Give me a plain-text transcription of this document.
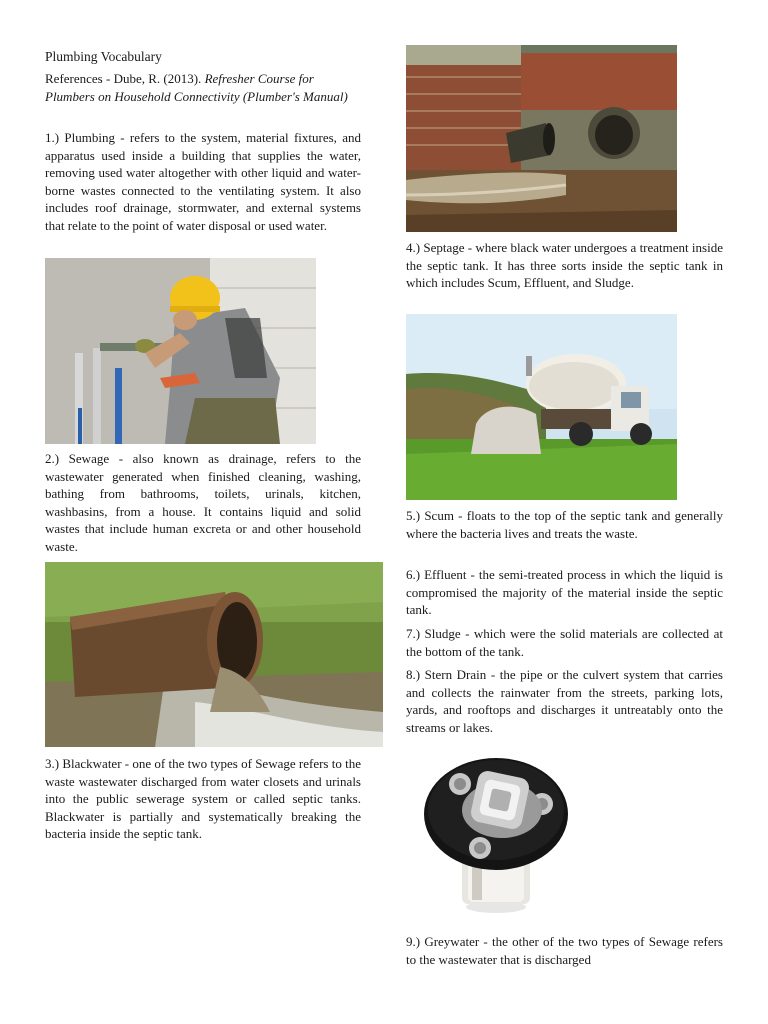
Plumbing Vocabulary

References - Dube, R. (2013). Refresher Course for Plumbers on Household Connectivity (Plumber's Manual)

1.) Plumbing - refers to the system, material fixtures, and apparatus used inside a building that supplies the water, removing used water altogether with other liquid and water-borne wastes connected to the ventilating system. It also includes roof drainage, stormwater, and external systems that relate to the point of water disposal or used water.

2.) Sewage - also known as drainage, refers to the wastewater generated when finished cleaning, washing, bathing from bathrooms, toilets, urinals, kitchen, washbasins, from a house. It contains liquid and solid wastes that include human excreta or and other household waste.

3.) Blackwater - one of the two types of Sewage refers to the waste wastewater discharged from water closets and urinals into the public sewerage system or called septic tanks. Blackwater is partially and systematically breaking the bacteria inside the septic tank.

4.) Septage - where black water undergoes a treatment inside the septic tank. It has three sorts inside the septic tank in which includes Scum, Effluent, and Sludge.

5.) Scum - floats to the top of the septic tank and generally where the bacteria lives and treats the waste.

6.) Effluent - the semi-treated process in which the liquid is compromised the majority of the material inside the septic tank.

7.) Sludge - which were the solid materials are collected at the bottom of the tank.

8.) Stern Drain - the pipe or the culvert system that carries and collects the rainwater from the streets, parking lots, yards, and rooftops and discharges it untreatably onto the streams or lakes.

9.) Greywater - the other of the two types of Sewage refers to the wastewater that is discharged
